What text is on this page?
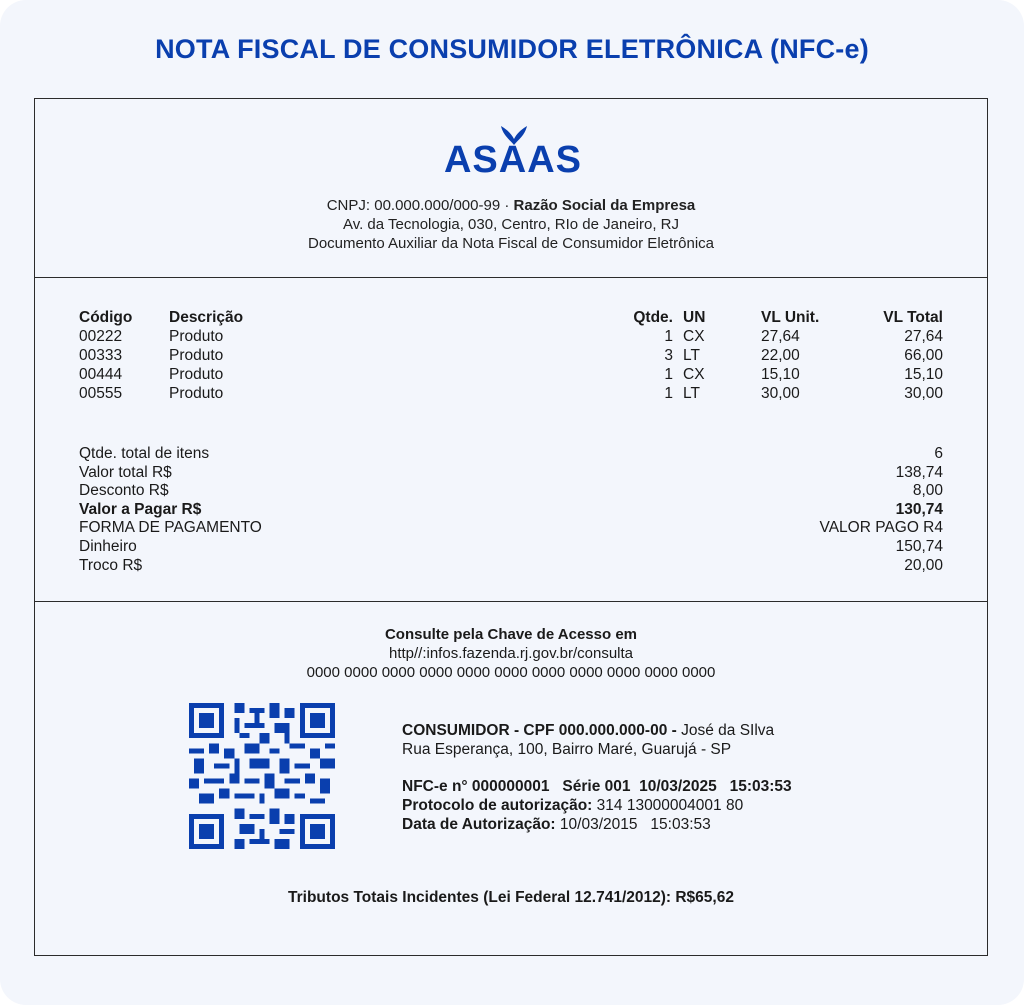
NOTA FISCAL DE CONSUMIDOR ELETRÔNICA (NFC-e)
ASAAS
CNPJ: 00.000.000/000-99 · Razão Social da Empresa
Av. da Tecnologia, 030, Centro, RIo de Janeiro, RJ
Documento Auxiliar da Nota Fiscal de Consumidor Eletrônica
Código Descrição	Qtde. UN	VL Unit.	VL Total
00222	Produto	1 CX	27,64	27,64
00333	Produto	3 LT	22,00	66,00
00444	Produto	1 CX	15,10	15,10
00555	Produto	1 LT	30,00	30,00
Qtde. total de itens	6
Valor total R$	138,74
Desconto R$	8,00
Valor a Pagar R$	130,74
FORMA DE PAGAMENTO	VALOR PAGO R4
Dinheiro	150,74
Troco R$	20,00
Consulte pela Chave de Acesso em
http//:infos.fazenda.rj.gov.br/consulta
0000 0000 0000 0000 0000 0000 0000 0000 0000 0000 0000
CONSUMIDOR - CPF 000.000.000-00 - José da SIlva
Rua Esperança, 100, Bairro Maré, Guarujá - SP
NFC-e n° 000000001   Série 001  10/03/2025   15:03:53
Protocolo de autorização: 314 13000004001 80
Data de Autorização: 10/03/2015   15:03:53
Tributos Totais Incidentes (Lei Federal 12.741/2012): R$65,62
